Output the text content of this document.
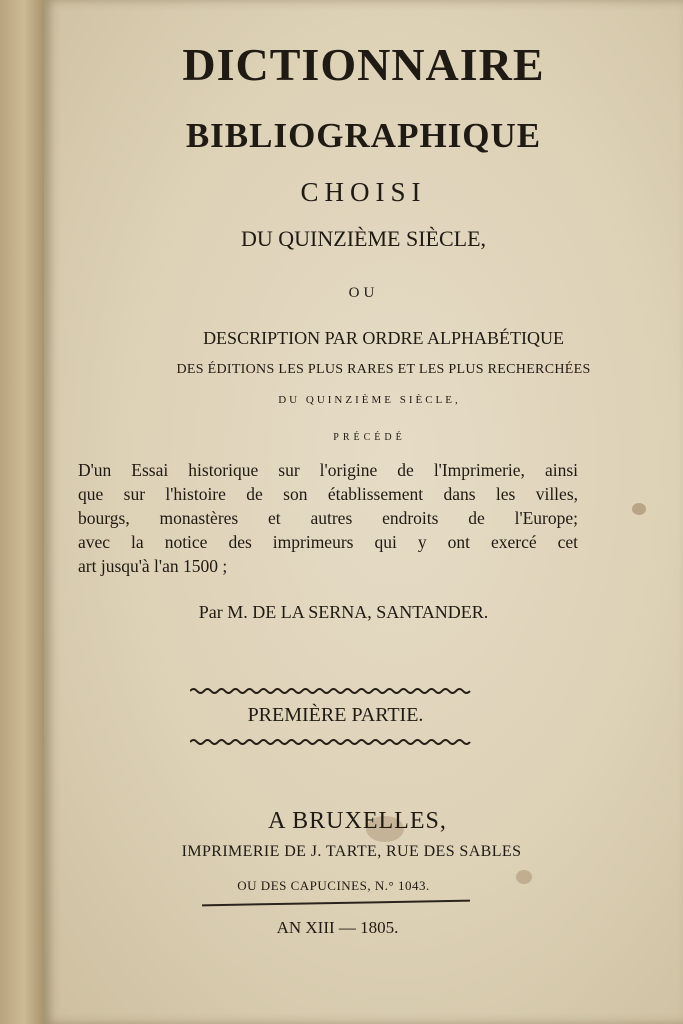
DICTIONNAIRE
BIBLIOGRAPHIQUE
CHOISI
DU QUINZIÈME SIÈCLE,
OU
DESCRIPTION PAR ORDRE ALPHABÉTIQUE
DES ÉDITIONS LES PLUS RARES ET LES PLUS RECHERCHÉES
DU QUINZIÈME SIÈCLE,
PRÉCÉDÉ
D'un Essai historique sur l'origine de l'Imprimerie, ainsi
que sur l'histoire de son établissement dans les villes,
bourgs, monastères et autres endroits de l'Europe;
avec la notice des imprimeurs qui y ont exercé cet
art jusqu'à l'an 1500 ;
Par M. DE LA SERNA, SANTANDER.
PREMIÈRE PARTIE.
A BRUXELLES,
IMPRIMERIE DE J. TARTE, RUE DES SABLES
OU DES CAPUCINES, N.° 1043.
AN XIII — 1805.
